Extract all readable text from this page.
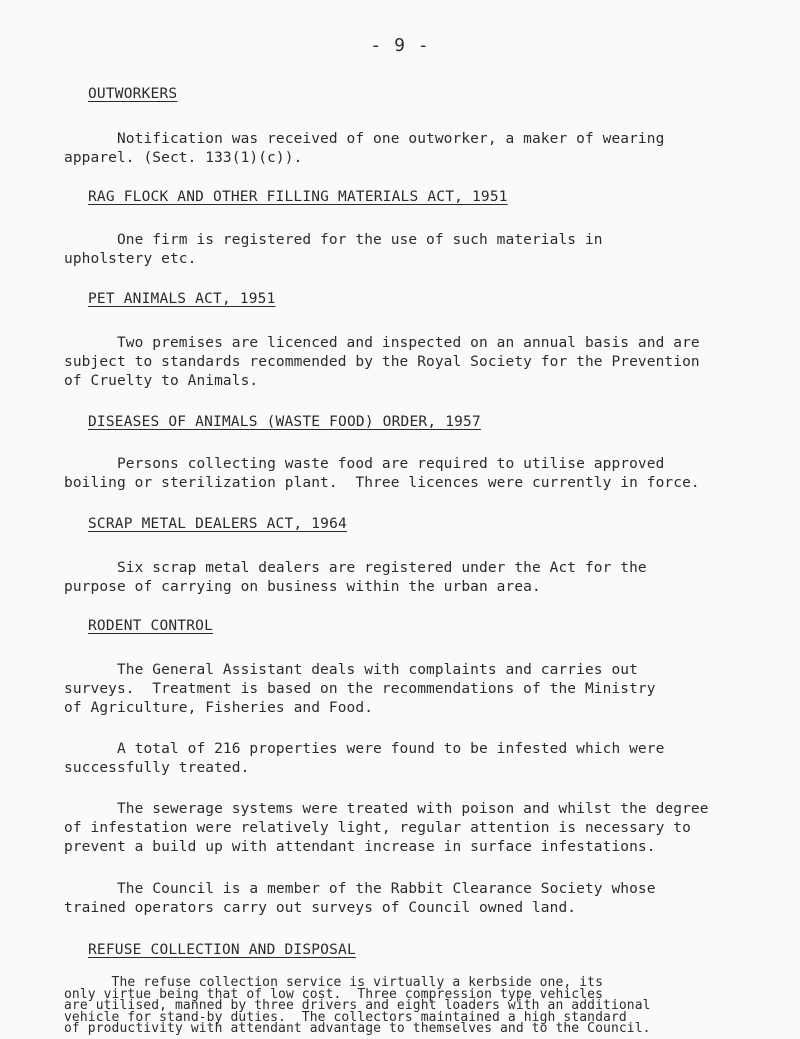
- 9 -
OUTWORKERS
Notification was received of one outworker, a maker of wearing
apparel. (Sect. 133(1)(c)).
RAG FLOCK AND OTHER FILLING MATERIALS ACT, 1951
One firm is registered for the use of such materials in
upholstery etc.
PET ANIMALS ACT, 1951
Two premises are licenced and inspected on an annual basis and are
subject to standards recommended by the Royal Society for the Prevention
of Cruelty to Animals.
DISEASES OF ANIMALS (WASTE FOOD) ORDER, 1957
Persons collecting waste food are required to utilise approved
boiling or sterilization plant.  Three licences were currently in force.
SCRAP METAL DEALERS ACT, 1964
Six scrap metal dealers are registered under the Act for the
purpose of carrying on business within the urban area.
RODENT CONTROL
The General Assistant deals with complaints and carries out
surveys.  Treatment is based on the recommendations of the Ministry
of Agriculture, Fisheries and Food.
A total of 216 properties were found to be infested which were
successfully treated.
The sewerage systems were treated with poison and whilst the degree
of infestation were relatively light, regular attention is necessary to
prevent a build up with attendant increase in surface infestations.
The Council is a member of the Rabbit Clearance Society whose
trained operators carry out surveys of Council owned land.
REFUSE COLLECTION AND DISPOSAL
The refuse collection service is virtually a kerbside one, its
only virtue being that of low cost.  Three compression type vehicles
are utilised, manned by three drivers and eight loaders with an additional
vehicle for stand-by duties.  The collectors maintained a high standard
of productivity with attendant advantage to themselves and to the Council.
